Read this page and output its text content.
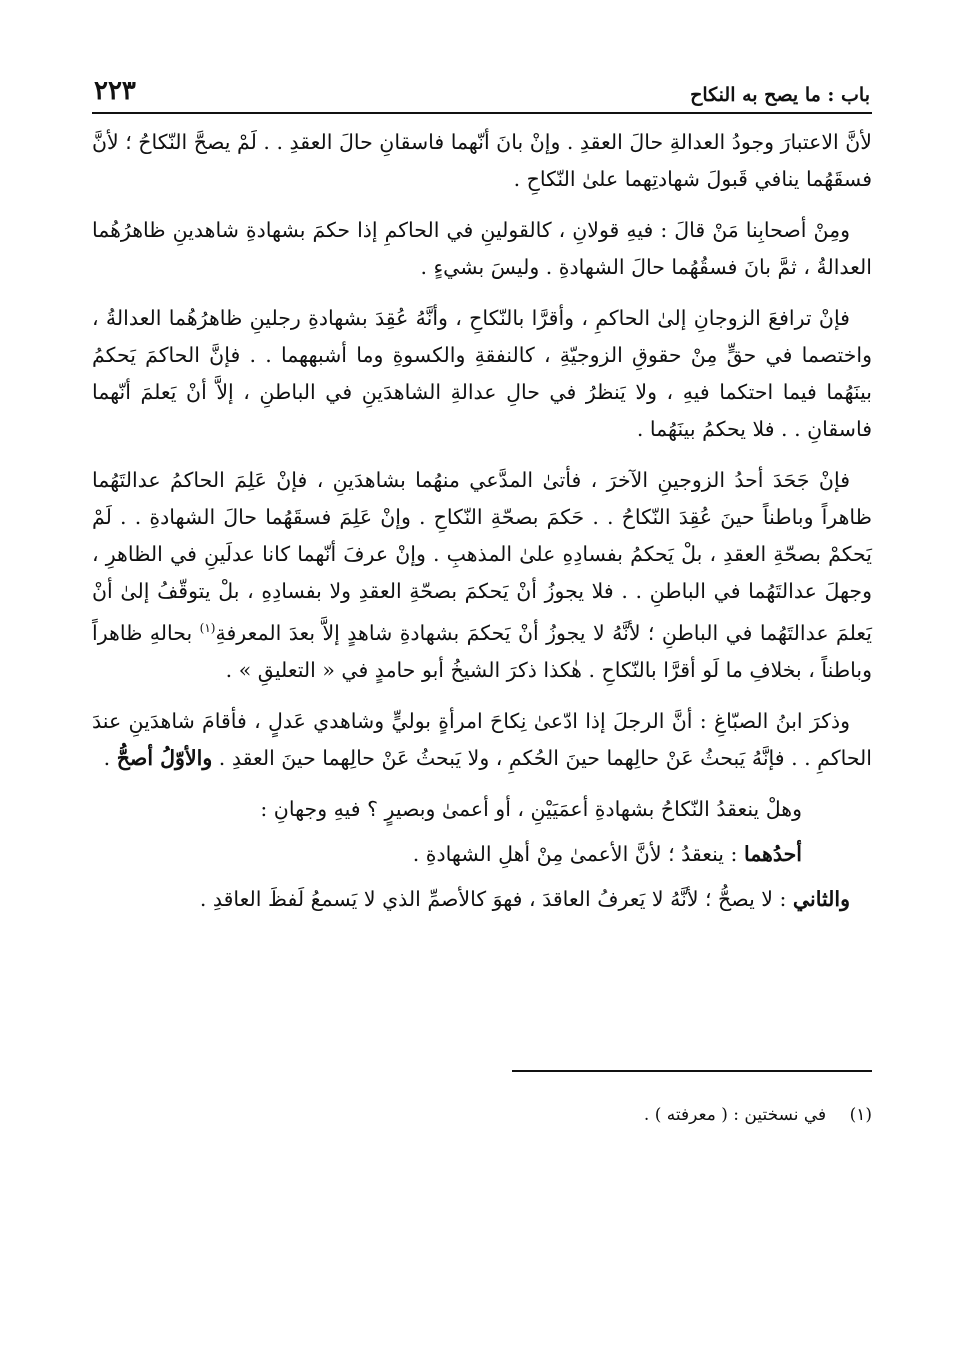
باب : ما يصح به النكاح
٢٢٣

لأنَّ الاعتبارَ وجودُ العدالةِ حالَ العقدِ . وإنْ بانَ أنّهما فاسقانِ حالَ العقدِ . . لَمْ يصحَّ النّكاحُ ؛ لأنَّ فسقَهُما ينافي قَبولَ شهادتِهما علىٰ النّكاحِ .

ومِنْ أصحابِنا مَنْ قالَ : فيهِ قولانِ ، كالقولينِ في الحاكمِ إذا حكمَ بشهادةِ شاهدينِ ظاهرُهُما العدالةُ ، ثمَّ بانَ فسقُهُما حالَ الشهادةِ . وليسَ بشيءٍ .

فإنْ ترافعَ الزوجانِ إلىٰ الحاكمِ ، وأقرَّا بالنّكاحِ ، وأنَّهُ عُقِدَ بشهادةِ رجلينِ ظاهرُهُما العدالةُ ، واختصما في حقٍّ مِنْ حقوقِ الزوجيّةِ ، كالنفقةِ والكسوةِ وما أشبههما . . فإنَّ الحاكمَ يَحكمُ بينَهُما فيما احتكما فيهِ ، ولا يَنظرُ في حالِ عدالةِ الشاهدَينِ في الباطنِ ، إلاَّ أنْ يَعلمَ أنّهما فاسقانِ . . فلا يحكمُ بينَهُما .

فإنْ جَحَدَ أحدُ الزوجينِ الآخرَ ، فأتىٰ المدَّعي منهُما بشاهدَينِ ، فإنْ عَلِمَ الحاكمُ عدالتَهُما ظاهراً وباطناً حينَ عُقِدَ النّكاحُ . . حَكمَ بصحّةِ النّكاحِ . وإنْ عَلِمَ فسقَهُما حالَ الشهادةِ . . لَمْ يَحكمْ بصحّةِ العقدِ ، بلْ يَحكمُ بفسادِهِ علىٰ المذهبِ . وإنْ عرفَ أنّهما كانا عدلَينِ في الظاهرِ ، وجهلَ عدالتَهُما في الباطنِ . . فلا يجوزُ أنْ يَحكمَ بصحّةِ العقدِ ولا بفسادِهِ ، بلْ يتوقّفُ إلىٰ أنْ يَعلمَ عدالتَهُما في الباطنِ ؛ لأنَّهُ لا يجوزُ أنْ يَحكمَ بشهادةِ شاهدٍ إلاَّ بعدَ المعرفةِ$^{(١)}$ بحالهِ ظاهراً وباطناً ، بخلافِ ما لَو أقرَّا بالنّكاحِ . هٰكذا ذكرَ الشيخُ أبو حامدٍ في « التعليقِ » .

وذكرَ ابنُ الصبّاغِ : أنَّ الرجلَ إذا ادّعىٰ نِكاحَ امرأةٍ بوليٍّ وشاهدي عَدلٍ ، فأقامَ شاهدَينِ عندَ الحاكمِ . . فإنَّهُ يَبحثُ عَنْ حالِهما حينَ الحُكمِ ، ولا يَبحثُ عَنْ حالِهما حينَ العقدِ . والأوّلُ أصحُّ .

وهلْ ينعقدُ النّكاحُ بشهادةِ أعمَيَيْنِ ، أو أعمىٰ وبصيرٍ ؟ فيهِ وجهانِ :

أحدُهما : ينعقدُ ؛ لأنَّ الأعمىٰ مِنْ أهلِ الشهادةِ .

والثاني : لا يصحُّ ؛ لأنَّهُ لا يَعرفُ العاقدَ ، فهوَ كالأصمِّ الذي لا يَسمعُ لَفظَ العاقدِ .

(١) في نسختين : ( معرفته ) .
